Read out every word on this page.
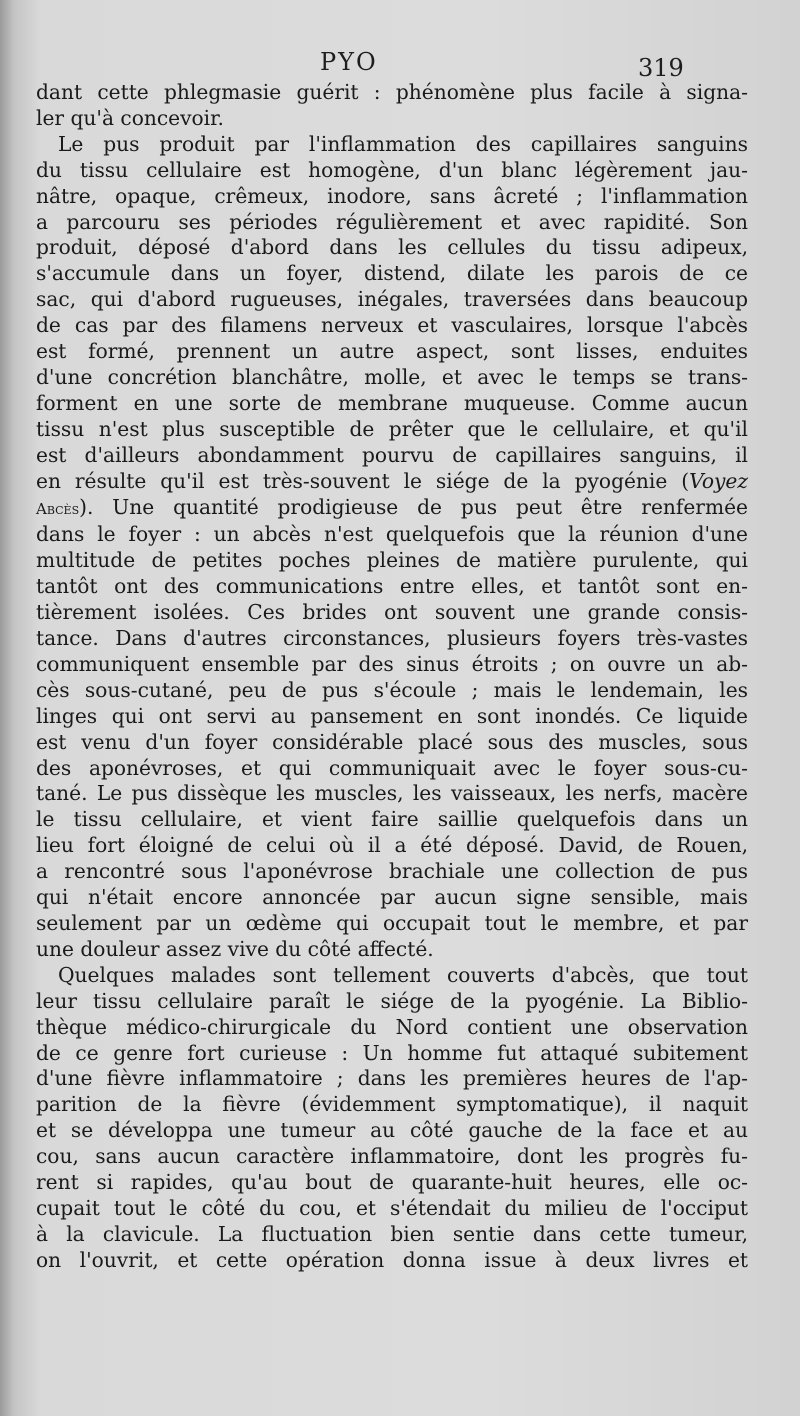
PYO	319
dant cette phlegmasie guérit : phénomène plus facile à signa-
ler qu'à concevoir.
Le pus produit par l'inflammation des capillaires sanguins
du tissu cellulaire est homogène, d'un blanc légèrement jau-
nâtre, opaque, crêmeux, inodore, sans âcreté ; l'inflammation
a parcouru ses périodes régulièrement et avec rapidité. Son
produit, déposé d'abord dans les cellules du tissu adipeux,
s'accumule dans un foyer, distend, dilate les parois de ce
sac, qui d'abord rugueuses, inégales, traversées dans beaucoup
de cas par des filamens nerveux et vasculaires, lorsque l'abcès
est formé, prennent un autre aspect, sont lisses, enduites
d'une concrétion blanchâtre, molle, et avec le temps se trans-
forment en une sorte de membrane muqueuse. Comme aucun
tissu n'est plus susceptible de prêter que le cellulaire, et qu'il
est d'ailleurs abondamment pourvu de capillaires sanguins, il
en résulte qu'il est très-souvent le siége de la pyogénie (Voyez
Abcès). Une quantité prodigieuse de pus peut être renfermée
dans le foyer : un abcès n'est quelquefois que la réunion d'une
multitude de petites poches pleines de matière purulente, qui
tantôt ont des communications entre elles, et tantôt sont en-
tièrement isolées. Ces brides ont souvent une grande consis-
tance. Dans d'autres circonstances, plusieurs foyers très-vastes
communiquent ensemble par des sinus étroits ; on ouvre un ab-
cès sous-cutané, peu de pus s'écoule ; mais le lendemain, les
linges qui ont servi au pansement en sont inondés. Ce liquide
est venu d'un foyer considérable placé sous des muscles, sous
des aponévroses, et qui communiquait avec le foyer sous-cu-
tané. Le pus dissèque les muscles, les vaisseaux, les nerfs, macère
le tissu cellulaire, et vient faire saillie quelquefois dans un
lieu fort éloigné de celui où il a été déposé. David, de Rouen,
a rencontré sous l'aponévrose brachiale une collection de pus
qui n'était encore annoncée par aucun signe sensible, mais
seulement par un œdème qui occupait tout le membre, et par
une douleur assez vive du côté affecté.
Quelques malades sont tellement couverts d'abcès, que tout
leur tissu cellulaire paraît le siége de la pyogénie. La Biblio-
thèque médico-chirurgicale du Nord contient une observation
de ce genre fort curieuse : Un homme fut attaqué subitement
d'une fièvre inflammatoire ; dans les premières heures de l'ap-
parition de la fièvre (évidemment symptomatique), il naquit
et se développa une tumeur au côté gauche de la face et au
cou, sans aucun caractère inflammatoire, dont les progrès fu-
rent si rapides, qu'au bout de quarante-huit heures, elle oc-
cupait tout le côté du cou, et s'étendait du milieu de l'occiput
à la clavicule. La fluctuation bien sentie dans cette tumeur,
on l'ouvrit, et cette opération donna issue à deux livres et
